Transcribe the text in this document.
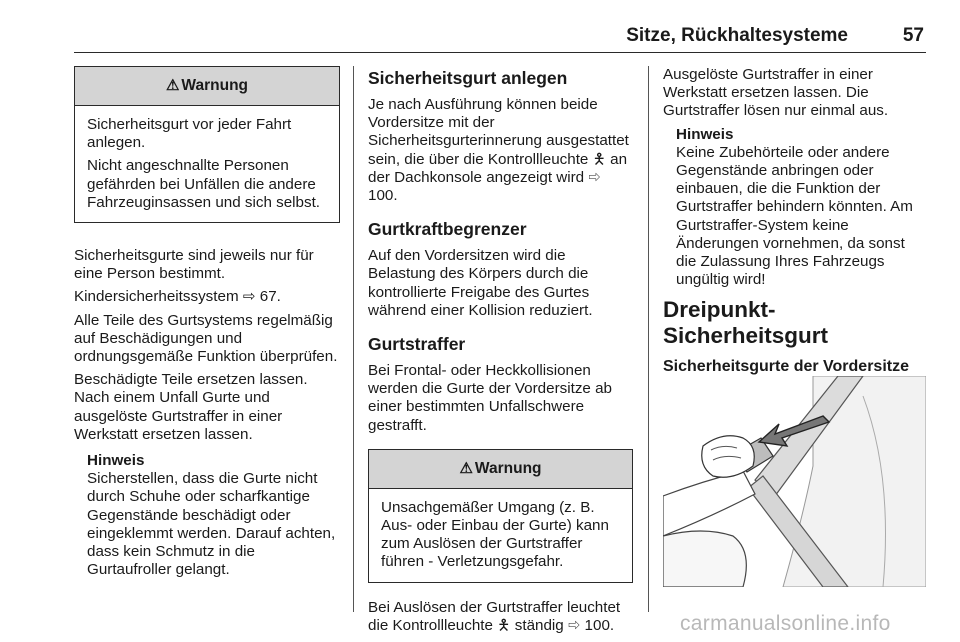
Sitze, Rückhaltesysteme	57
⚠ Warnung

Sicherheitsgurt vor jeder Fahrt anlegen.

Nicht angeschnallte Personen gefährden bei Unfällen die andere Fahrzeuginsassen und sich selbst.

Sicherheitsgurte sind jeweils nur für eine Person bestimmt.

Kindersicherheitssystem ⇨ 67.

Alle Teile des Gurtsystems regelmäßig auf Beschädigungen und ordnungsgemäße Funktion überprüfen.

Beschädigte Teile ersetzen lassen. Nach einem Unfall Gurte und ausgelöste Gurtstraffer in einer Werkstatt ersetzen lassen.

Hinweis
Sicherstellen, dass die Gurte nicht durch Schuhe oder scharfkantige Gegenstände beschädigt oder eingeklemmt werden. Darauf achten, dass kein Schmutz in die Gurtaufroller gelangt.
Sicherheitsgurt anlegen

Je nach Ausführung können beide Vordersitze mit der Sicherheitsgurterinnerung ausgestattet sein, die über die Kontrollleuchte 🯅 an der Dachkonsole angezeigt wird ⇨ 100.

Gurtkraftbegrenzer

Auf den Vordersitzen wird die Belastung des Körpers durch die kontrollierte Freigabe des Gurtes während einer Kollision reduziert.

Gurtstraffer

Bei Frontal- oder Heckkollisionen werden die Gurte der Vordersitze ab einer bestimmten Unfallschwere gestrafft.

⚠ Warnung

Unsachgemäßer Umgang (z. B. Aus- oder Einbau der Gurte) kann zum Auslösen der Gurtstraffer führen - Verletzungsgefahr.

Bei Auslösen der Gurtstraffer leuchtet die Kontrollleuchte 🯅 ständig ⇨ 100.

Ausgelöste Gurtstraffer in einer Werkstatt ersetzen lassen. Die Gurtstraffer lösen nur einmal aus.

Hinweis
Keine Zubehörteile oder andere Gegenstände anbringen oder einbauen, die die Funktion der Gurtstraffer behindern könnten. Am Gurtstraffer-System keine Änderungen vornehmen, da sonst die Zulassung Ihres Fahrzeugs ungültig wird!
Dreipunkt-Sicherheitsgurt
Sicherheitsgurte der Vordersitze
carmanualsonline.info
